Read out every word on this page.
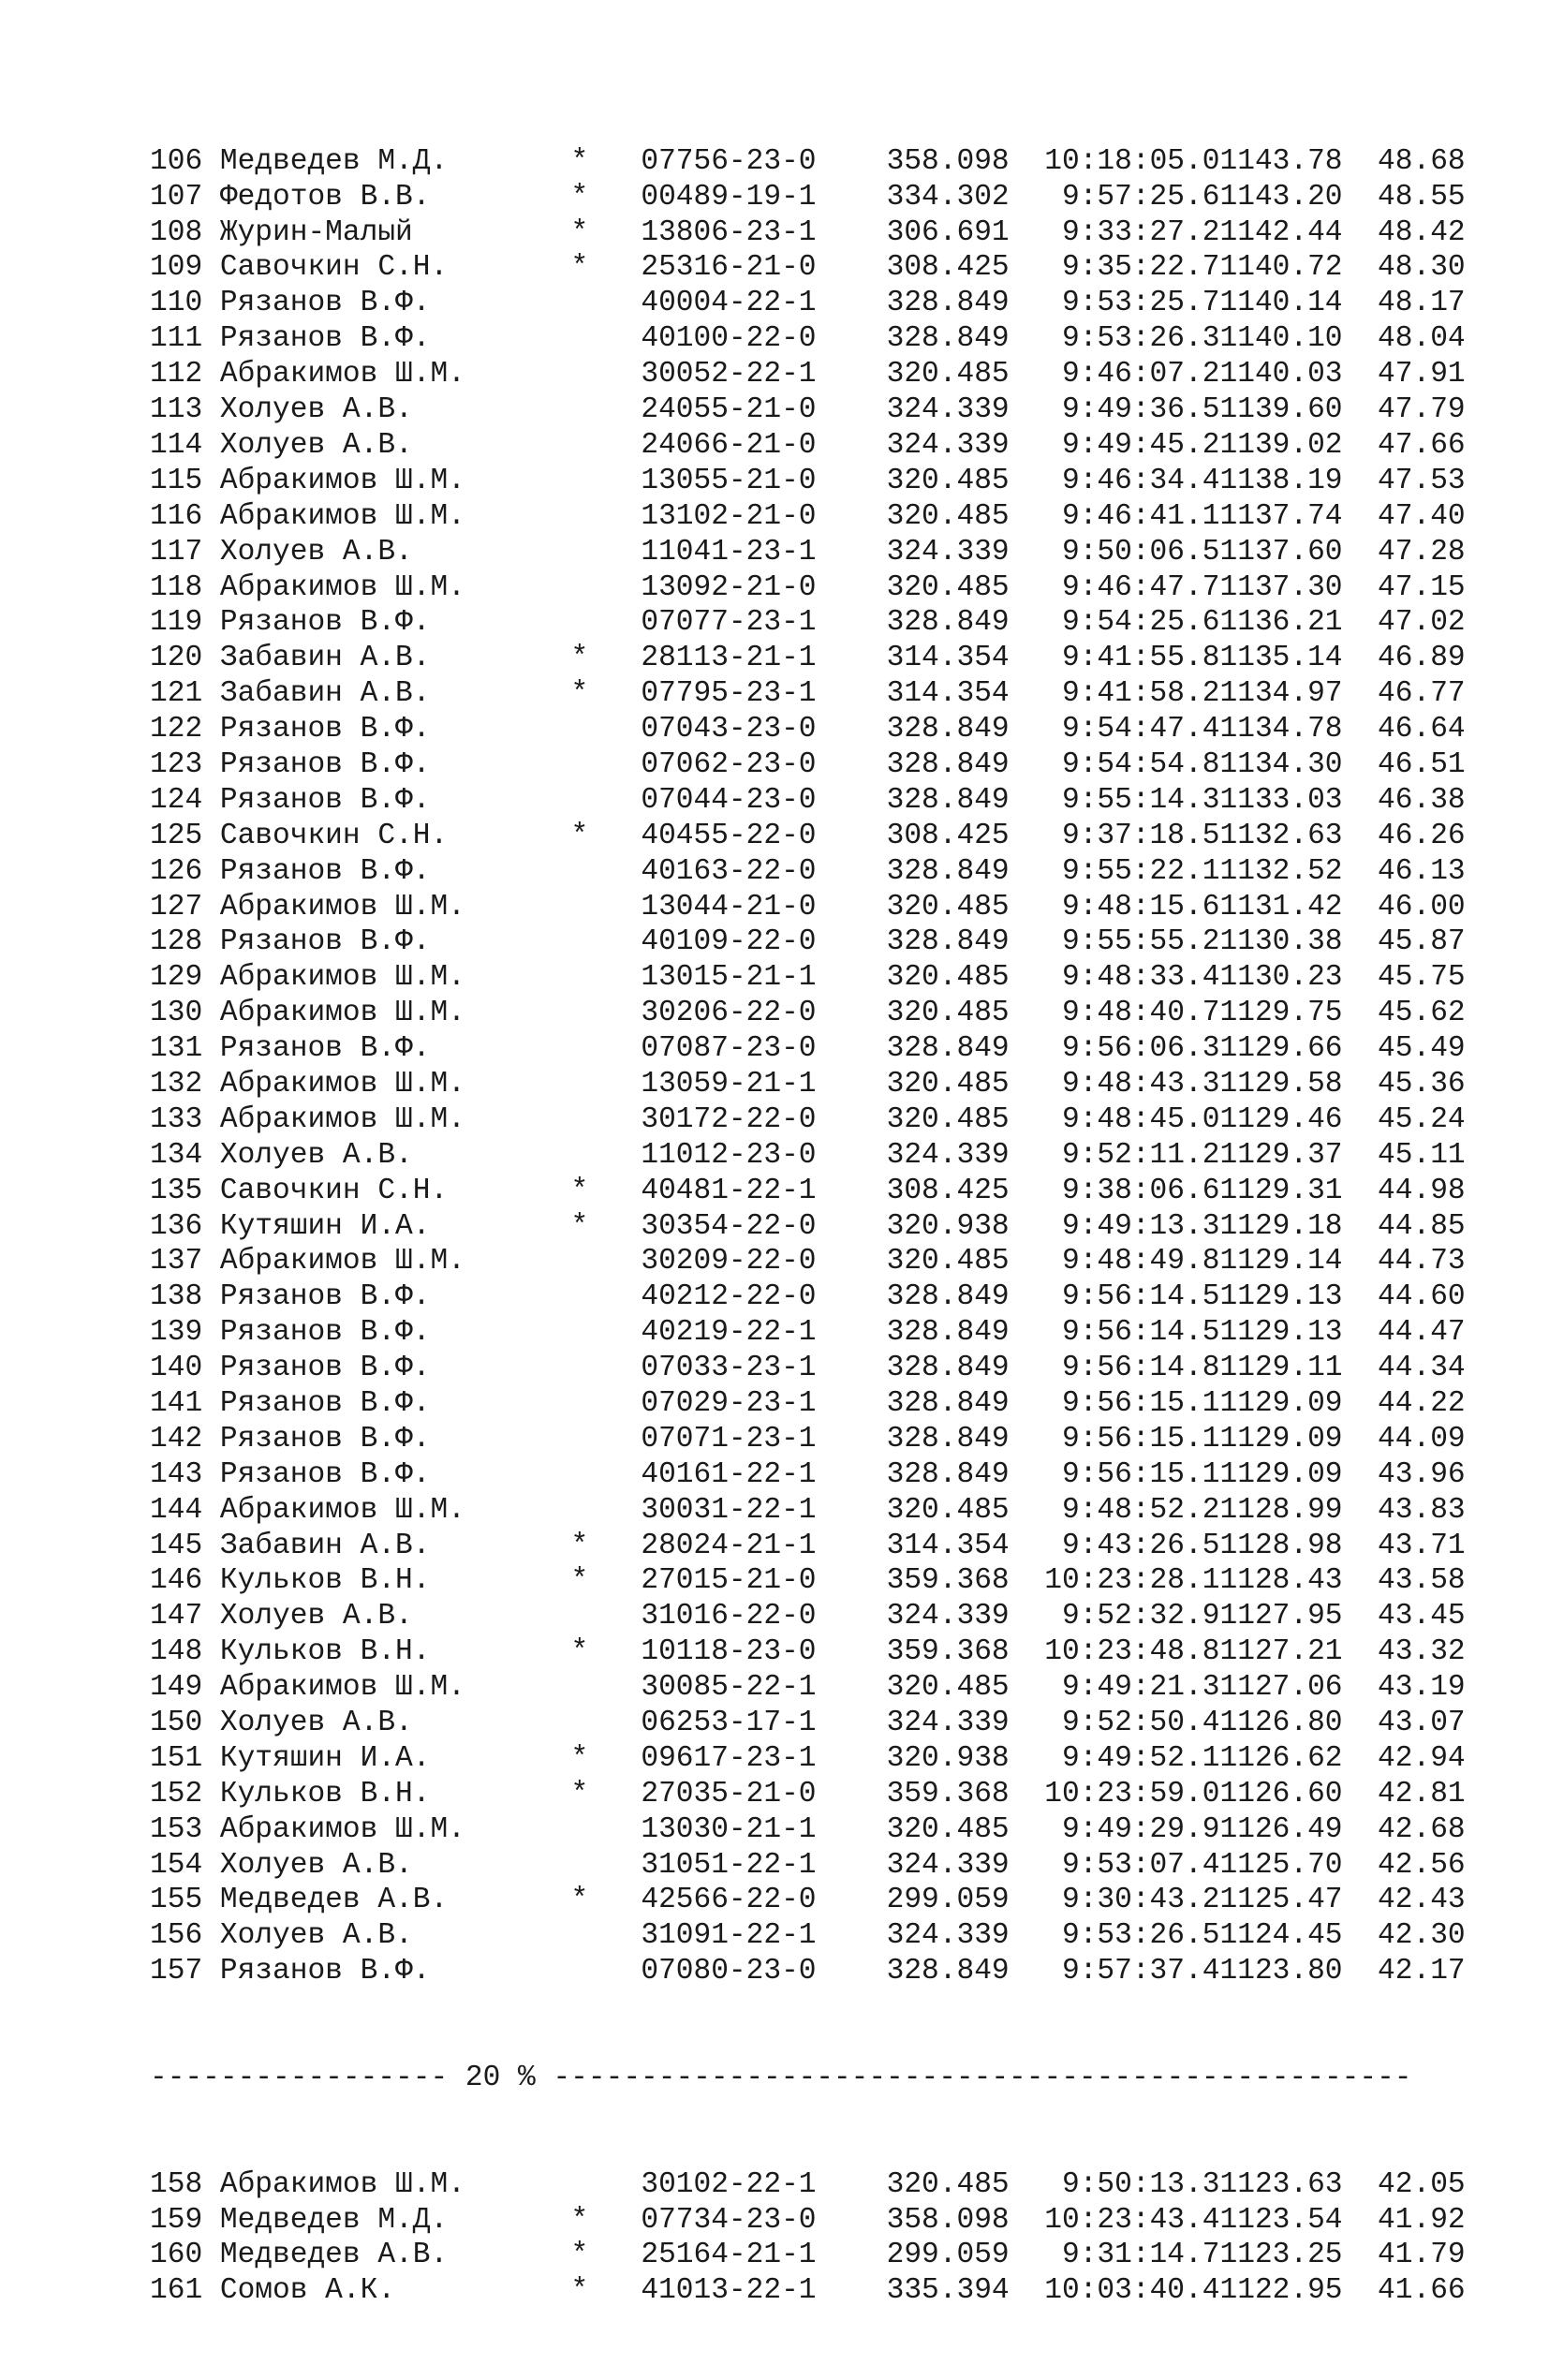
106 Медведев М.Д.	* 07756-23-0 358.098 10:18:05.01143.78 48.68
107 Федотов В.В.	* 00489-19-1 334.302 9:57:25.61143.20 48.55
108 Журин-Малый	* 13806-23-1 306.691 9:33:27.21142.44 48.42
109 Савочкин С.Н.	* 25316-21-0 308.425 9:35:22.71140.72 48.30
110 Рязанов В.Ф.	40004-22-1 328.849 9:53:25.71140.14 48.17
111 Рязанов В.Ф.	40100-22-0 328.849 9:53:26.31140.10 48.04
112 Абракимов Ш.М.	30052-22-1 320.485 9:46:07.21140.03 47.91
113 Холуев А.В.	24055-21-0 324.339 9:49:36.51139.60 47.79
114 Холуев А.В.	24066-21-0 324.339 9:49:45.21139.02 47.66
115 Абракимов Ш.М.	13055-21-0 320.485 9:46:34.41138.19 47.53
116 Абракимов Ш.М.	13102-21-0 320.485 9:46:41.11137.74 47.40
117 Холуев А.В.	11041-23-1 324.339 9:50:06.51137.60 47.28
118 Абракимов Ш.М.	13092-21-0 320.485 9:46:47.71137.30 47.15
119 Рязанов В.Ф.	07077-23-1 328.849 9:54:25.61136.21 47.02
120 Забавин А.В.	* 28113-21-1 314.354 9:41:55.81135.14 46.89
121 Забавин А.В.	* 07795-23-1 314.354 9:41:58.21134.97 46.77
122 Рязанов В.Ф.	07043-23-0 328.849 9:54:47.41134.78 46.64
123 Рязанов В.Ф.	07062-23-0 328.849 9:54:54.81134.30 46.51
124 Рязанов В.Ф.	07044-23-0 328.849 9:55:14.31133.03 46.38
125 Савочкин С.Н.	* 40455-22-0 308.425 9:37:18.51132.63 46.26
126 Рязанов В.Ф.	40163-22-0 328.849 9:55:22.11132.52 46.13
127 Абракимов Ш.М.	13044-21-0 320.485 9:48:15.61131.42 46.00
128 Рязанов В.Ф.	40109-22-0 328.849 9:55:55.21130.38 45.87
129 Абракимов Ш.М.	13015-21-1 320.485 9:48:33.41130.23 45.75
130 Абракимов Ш.М.	30206-22-0 320.485 9:48:40.71129.75 45.62
131 Рязанов В.Ф.	07087-23-0 328.849 9:56:06.31129.66 45.49
132 Абракимов Ш.М.	13059-21-1 320.485 9:48:43.31129.58 45.36
133 Абракимов Ш.М.	30172-22-0 320.485 9:48:45.01129.46 45.24
134 Холуев А.В.	11012-23-0 324.339 9:52:11.21129.37 45.11
135 Савочкин С.Н.	* 40481-22-1 308.425 9:38:06.61129.31 44.98
136 Кутяшин И.А.	* 30354-22-0 320.938 9:49:13.31129.18 44.85
137 Абракимов Ш.М.	30209-22-0 320.485 9:48:49.81129.14 44.73
138 Рязанов В.Ф.	40212-22-0 328.849 9:56:14.51129.13 44.60
139 Рязанов В.Ф.	40219-22-1 328.849 9:56:14.51129.13 44.47
140 Рязанов В.Ф.	07033-23-1 328.849 9:56:14.81129.11 44.34
141 Рязанов В.Ф.	07029-23-1 328.849 9:56:15.11129.09 44.22
142 Рязанов В.Ф.	07071-23-1 328.849 9:56:15.11129.09 44.09
143 Рязанов В.Ф.	40161-22-1 328.849 9:56:15.11129.09 43.96
144 Абракимов Ш.М.	30031-22-1 320.485 9:48:52.21128.99 43.83
145 Забавин А.В.	* 28024-21-1 314.354 9:43:26.51128.98 43.71
146 Кульков В.Н.	* 27015-21-0 359.368 10:23:28.11128.43 43.58
147 Холуев А.В.	31016-22-0 324.339 9:52:32.91127.95 43.45
148 Кульков В.Н.	* 10118-23-0 359.368 10:23:48.81127.21 43.32
149 Абракимов Ш.М.	30085-22-1 320.485 9:49:21.31127.06 43.19
150 Холуев А.В.	06253-17-1 324.339 9:52:50.41126.80 43.07
151 Кутяшин И.А.	* 09617-23-1 320.938 9:49:52.11126.62 42.94
152 Кульков В.Н.	* 27035-21-0 359.368 10:23:59.01126.60 42.81
153 Абракимов Ш.М.	13030-21-1 320.485 9:49:29.91126.49 42.68
154 Холуев А.В.	31051-22-1 324.339 9:53:07.41125.70 42.56
155 Медведев А.В.	* 42566-22-0 299.059 9:30:43.21125.47 42.43
156 Холуев А.В.	31091-22-1 324.339 9:53:26.51124.45 42.30
157 Рязанов В.Ф.	07080-23-0 328.849 9:57:37.41123.80 42.17

----------------- 20 % -------------------------------------------------

158 Абракимов Ш.М.	30102-22-1 320.485 9:50:13.31123.63 42.05
159 Медведев М.Д.	* 07734-23-0 358.098 10:23:43.41123.54 41.92
160 Медведев А.В.	* 25164-21-1 299.059 9:31:14.71123.25 41.79
161 Сомов А.К.	* 41013-22-1 335.394 10:03:40.41122.95 41.66
